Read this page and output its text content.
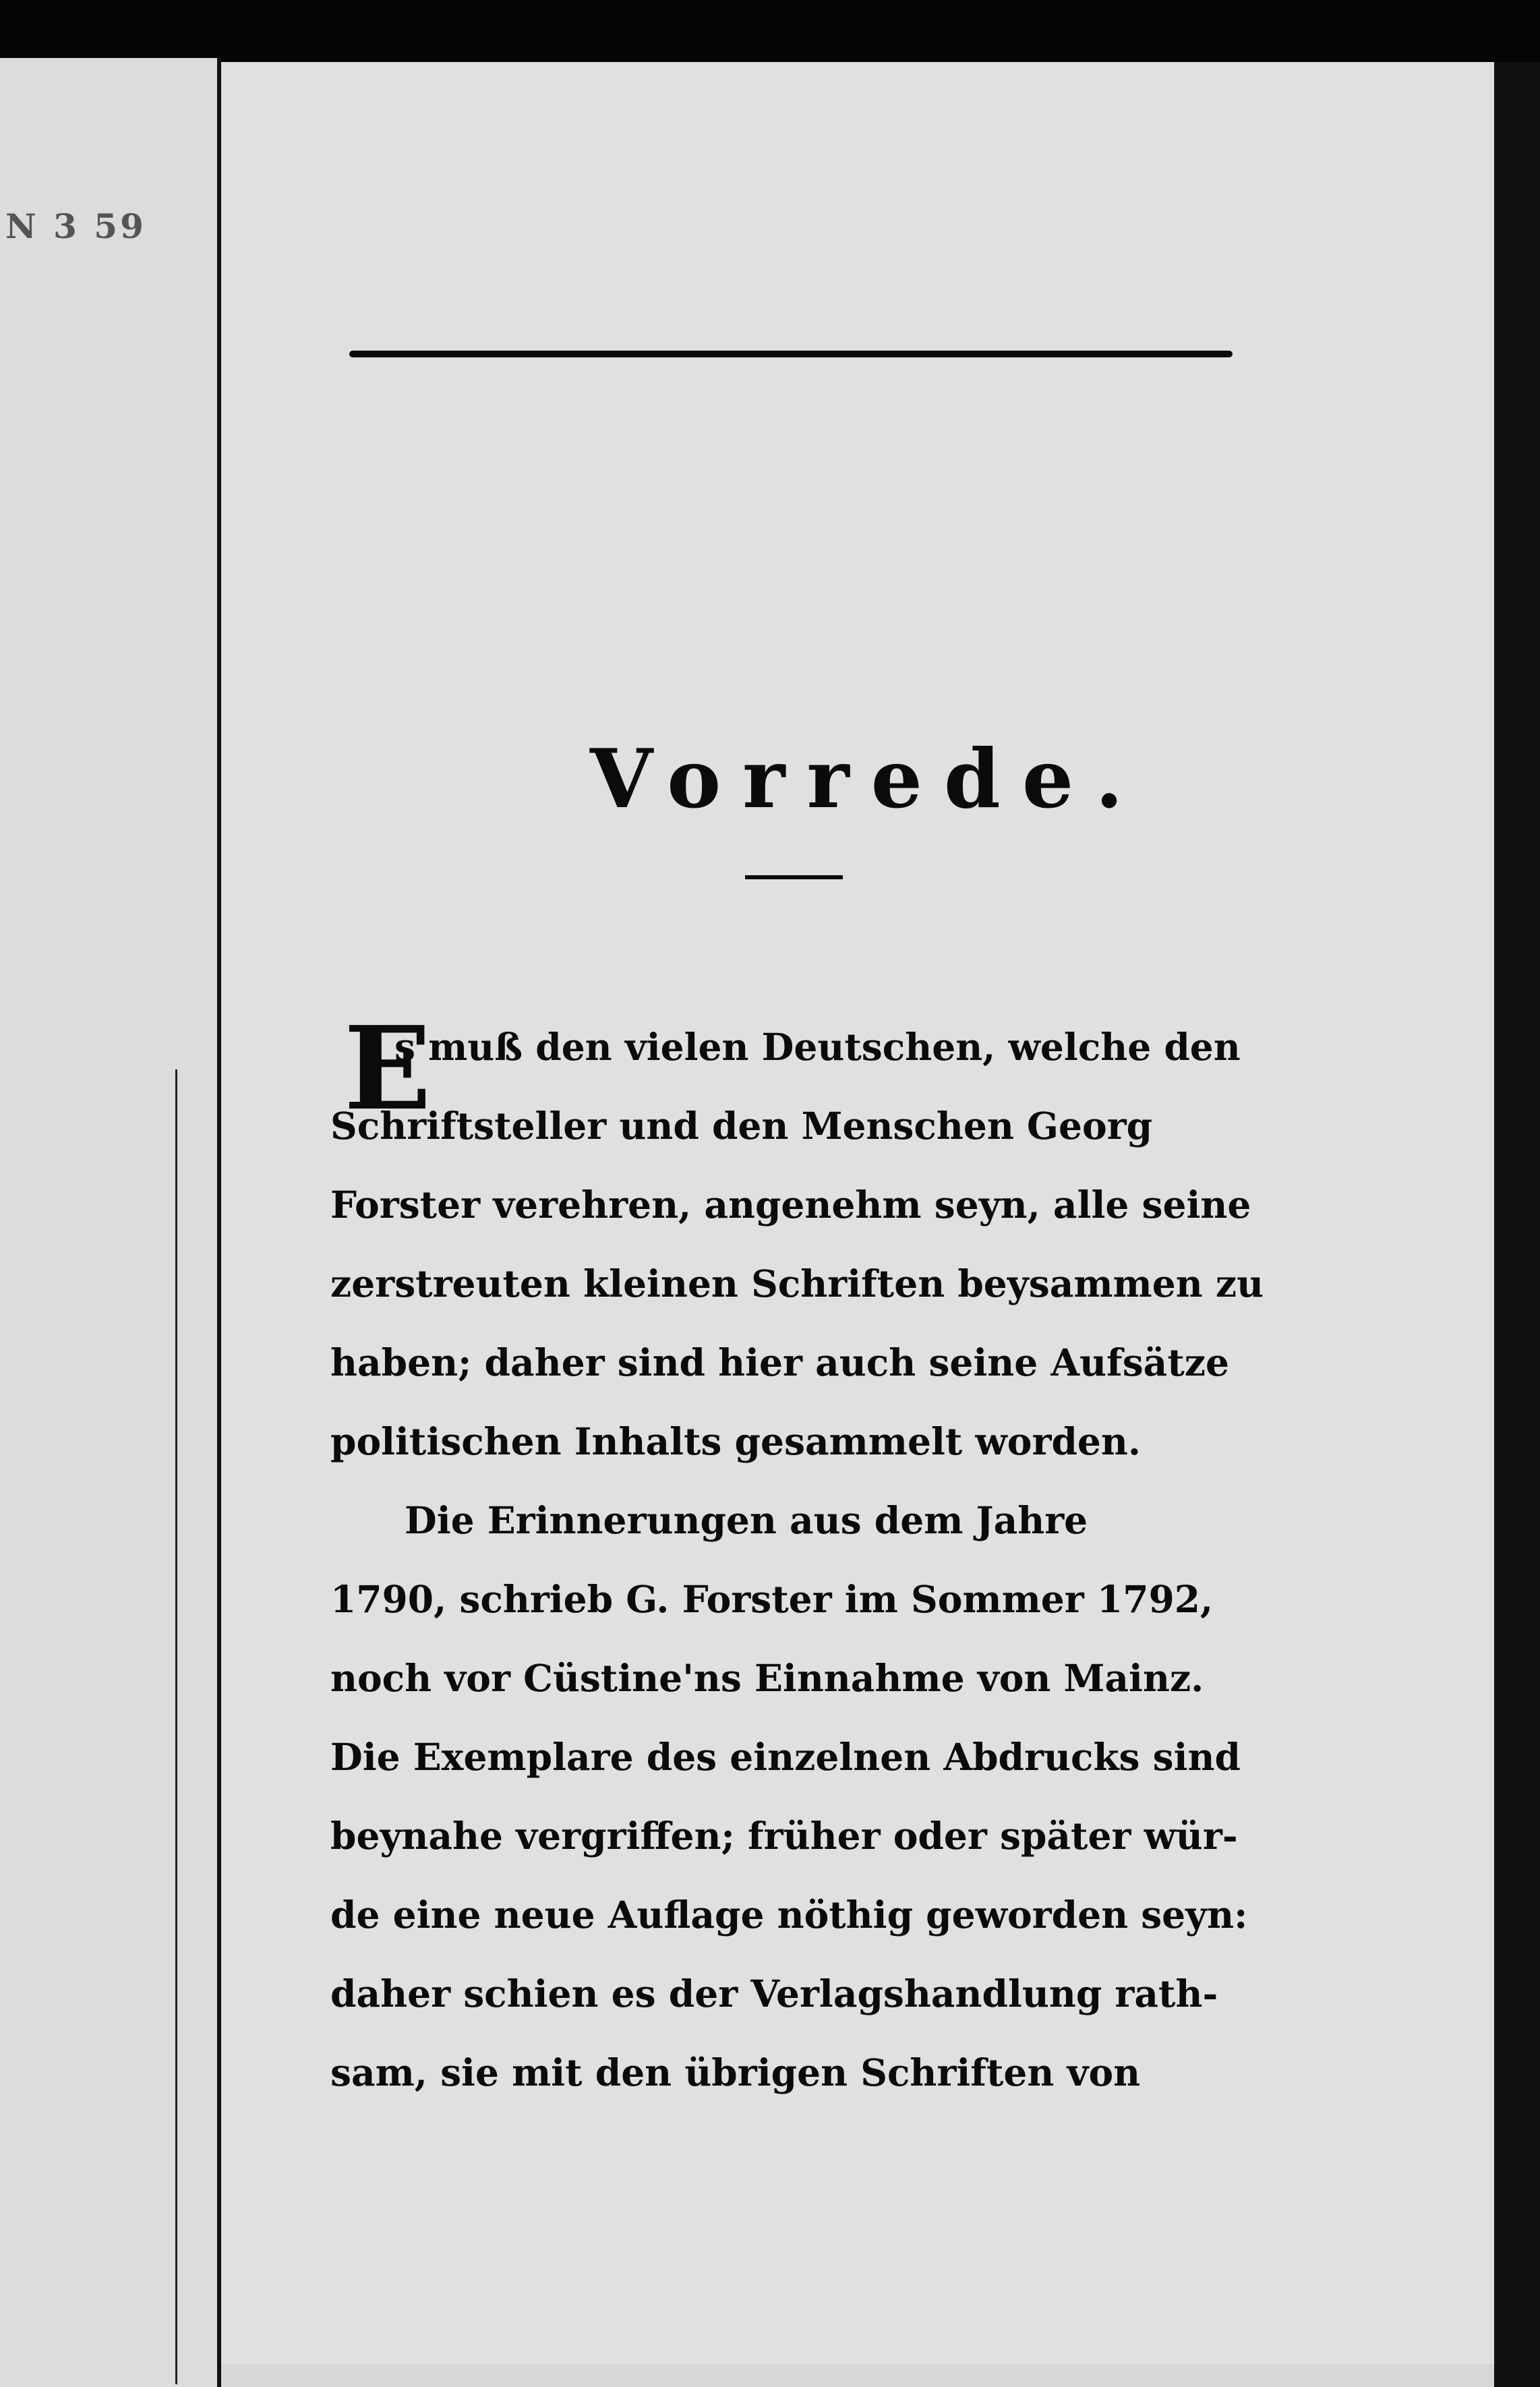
N 3 59
Vorrede.
E
s muß den vielen Deutschen, welche den
Schriftsteller und den Menschen Georg
Forster verehren, angenehm seyn, alle seine
zerstreuten kleinen Schriften beysammen zu
haben; daher sind hier auch seine Aufsätze
politischen Inhalts gesammelt worden.
Die Erinnerungen aus dem Jahre
1790, schrieb G. Forster im Sommer 1792,
noch vor Cüstine'ns Einnahme von Mainz.
Die Exemplare des einzelnen Abdrucks sind
beynahe vergriffen; früher oder später wür-
de eine neue Auflage nöthig geworden seyn:
daher schien es der Verlagshandlung rath-
sam, sie mit den übrigen Schriften von
